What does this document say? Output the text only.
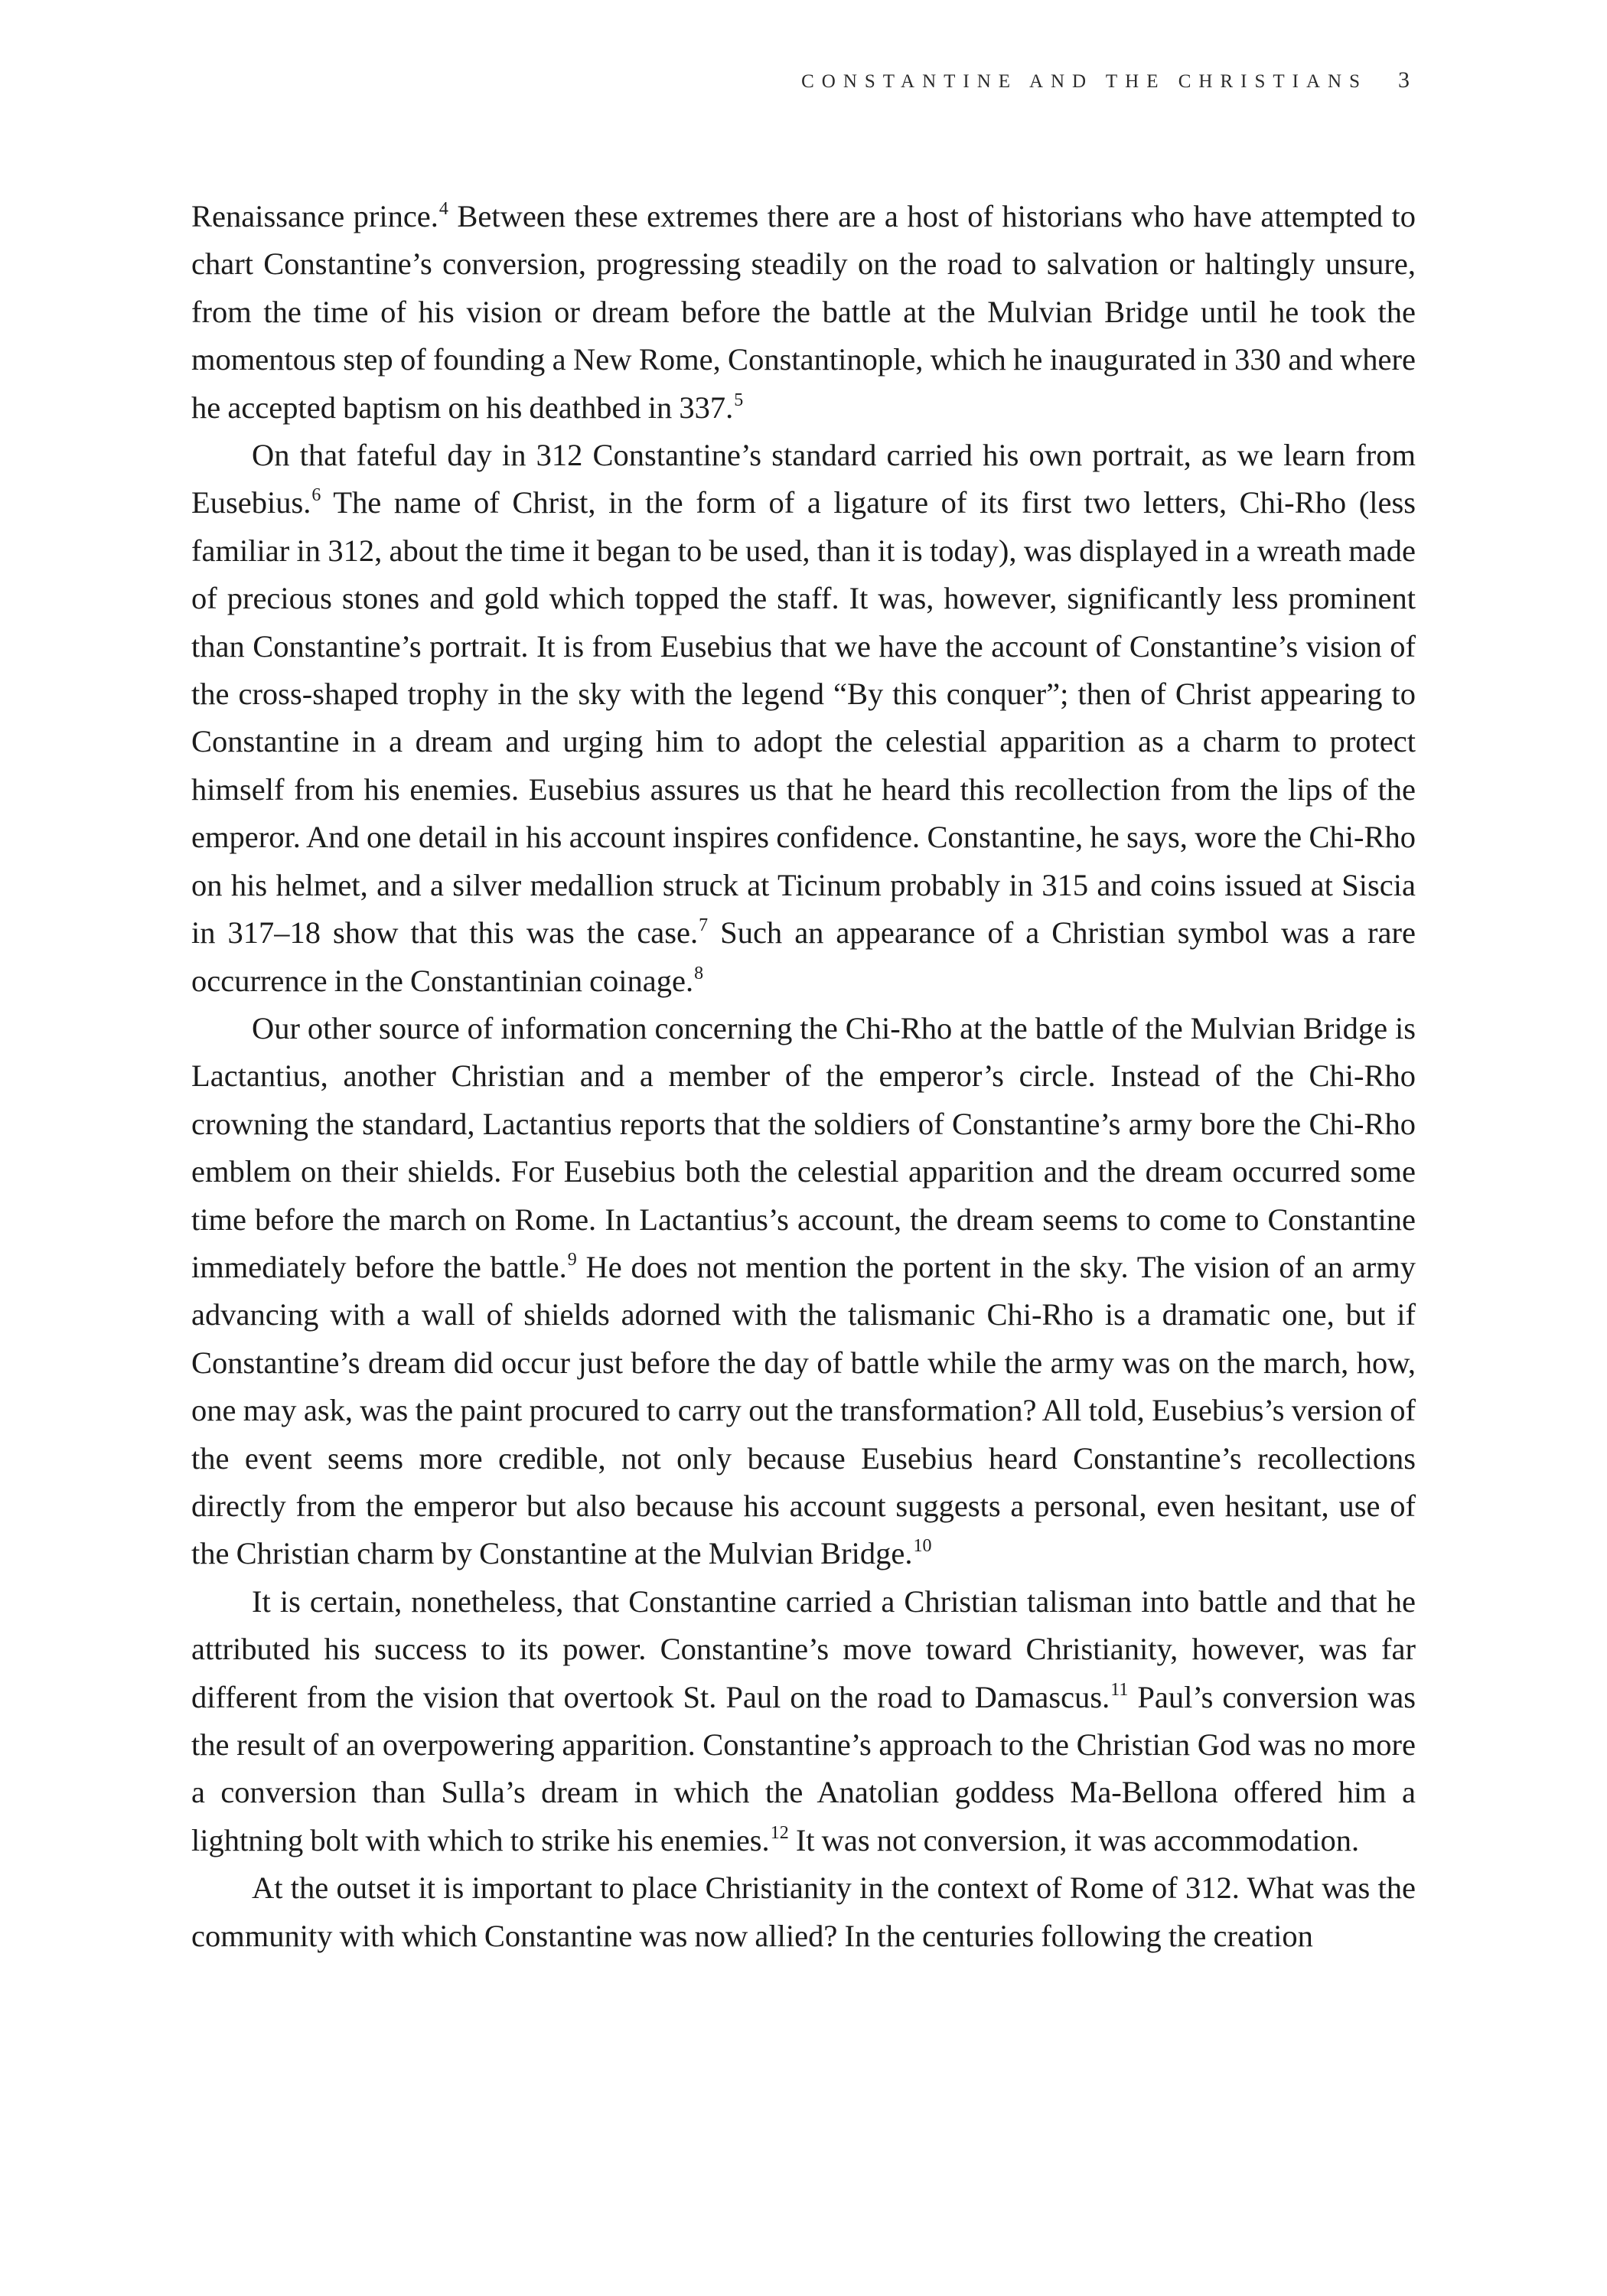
CONSTANTINE AND THE CHRISTIANS 3

Renaissance prince.$^4$ Between these extremes there are a host of historians who have attempted to chart Constantine’s conversion, progressing steadily on the road to salvation or haltingly unsure, from the time of his vision or dream before the battle at the Mulvian Bridge until he took the momentous step of founding a New Rome, Constantinople, which he inaugurated in 330 and where he accepted baptism on his deathbed in 337.$^5$

On that fateful day in 312 Constantine’s standard carried his own portrait, as we learn from Eusebius.$^6$ The name of Christ, in the form of a ligature of its first two letters, Chi-Rho (less familiar in 312, about the time it began to be used, than it is today), was displayed in a wreath made of precious stones and gold which topped the staff. It was, however, significantly less prominent than Constantine’s portrait. It is from Eusebius that we have the account of Constantine’s vision of the cross-shaped trophy in the sky with the legend “By this conquer”; then of Christ appearing to Constantine in a dream and urging him to adopt the celestial apparition as a charm to protect himself from his enemies. Eusebius assures us that he heard this recollection from the lips of the emperor. And one detail in his account inspires confidence. Constantine, he says, wore the Chi-Rho on his helmet, and a silver medallion struck at Ticinum probably in 315 and coins issued at Siscia in 317–18 show that this was the case.$^7$ Such an appearance of a Christian symbol was a rare occurrence in the Constantinian coinage.$^8$

Our other source of information concerning the Chi-Rho at the battle of the Mulvian Bridge is Lactantius, another Christian and a member of the emperor’s circle. Instead of the Chi-Rho crowning the standard, Lactantius reports that the soldiers of Constantine’s army bore the Chi-Rho emblem on their shields. For Eusebius both the celestial apparition and the dream occurred some time before the march on Rome. In Lactantius’s account, the dream seems to come to Constantine immediately before the battle.$^9$ He does not mention the portent in the sky. The vision of an army advancing with a wall of shields adorned with the talismanic Chi-Rho is a dramatic one, but if Constantine’s dream did occur just before the day of battle while the army was on the march, how, one may ask, was the paint procured to carry out the transformation? All told, Eusebius’s version of the event seems more credible, not only because Eusebius heard Constantine’s recollections directly from the emperor but also because his account suggests a personal, even hesitant, use of the Christian charm by Constantine at the Mulvian Bridge.$^{10}$

It is certain, nonetheless, that Constantine carried a Christian talisman into battle and that he attributed his success to its power. Constantine’s move toward Christianity, however, was far different from the vision that overtook St. Paul on the road to Damascus.$^{11}$ Paul’s conversion was the result of an overpowering apparition. Constantine’s approach to the Christian God was no more a conversion than Sulla’s dream in which the Anatolian goddess Ma-Bellona offered him a lightning bolt with which to strike his enemies.$^{12}$ It was not conversion, it was accommodation.

At the outset it is important to place Christianity in the context of Rome of 312. What was the community with which Constantine was now allied? In the centuries following the creation
